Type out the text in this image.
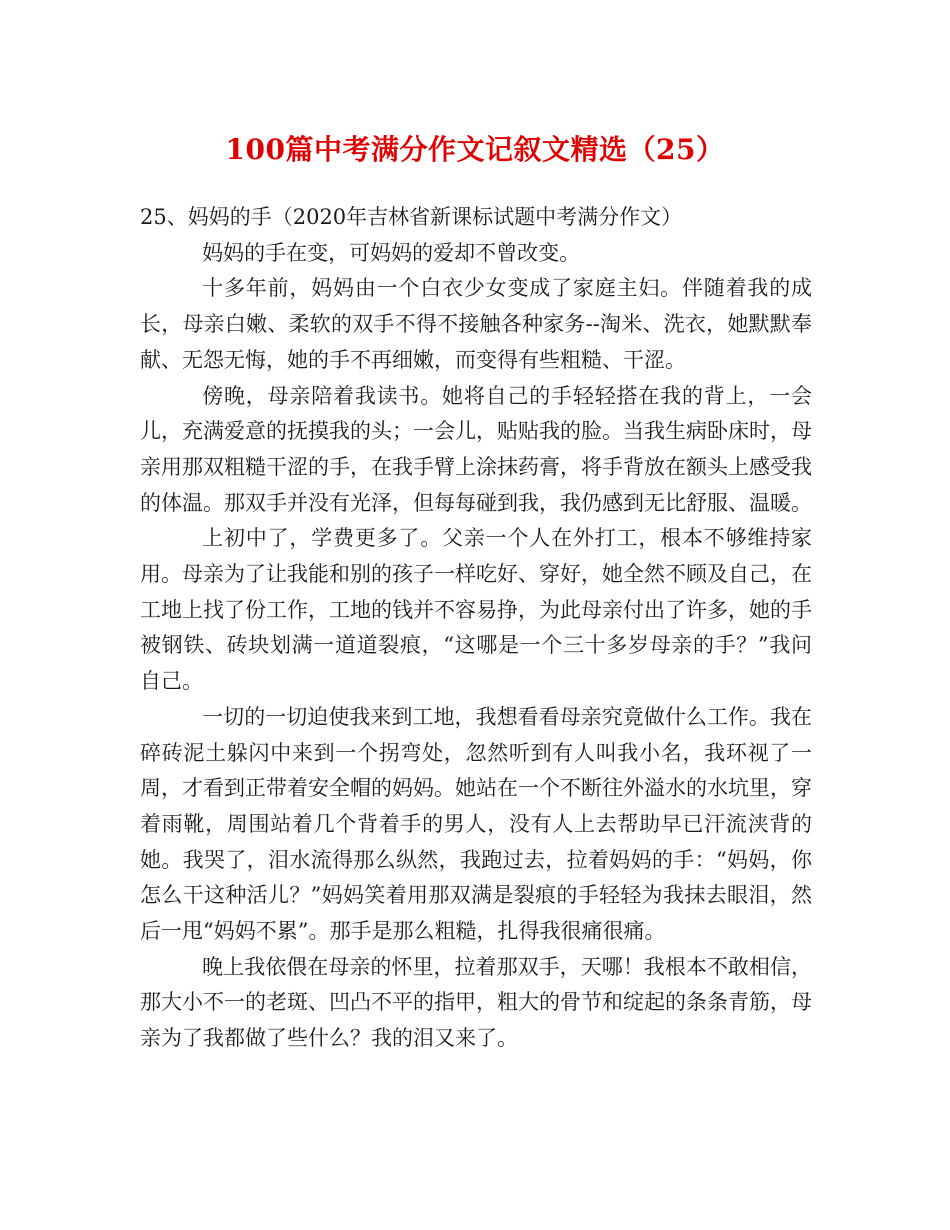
100篇中考满分作文记叙文精选（25）

25、妈妈的手（2020年吉林省新课标试题中考满分作文）

妈妈的手在变，可妈妈的爱却不曾改变。

十多年前，妈妈由一个白衣少女变成了家庭主妇。伴随着我的成长，母亲白嫩、柔软的双手不得不接触各种家务--淘米、洗衣，她默默奉献、无怨无悔，她的手不再细嫩，而变得有些粗糙、干涩。

傍晚，母亲陪着我读书。她将自己的手轻轻搭在我的背上，一会儿，充满爱意的抚摸我的头；一会儿，贴贴我的脸。当我生病卧床时，母亲用那双粗糙干涩的手，在我手臂上涂抹药膏，将手背放在额头上感受我的体温。那双手并没有光泽，但每每碰到我，我仍感到无比舒服、温暖。

上初中了，学费更多了。父亲一个人在外打工，根本不够维持家用。母亲为了让我能和别的孩子一样吃好、穿好，她全然不顾及自己，在工地上找了份工作，工地的钱并不容易挣，为此母亲付出了许多，她的手被钢铁、砖块划满一道道裂痕，“这哪是一个三十多岁母亲的手？”我问自己。

一切的一切迫使我来到工地，我想看看母亲究竟做什么工作。我在碎砖泥土躲闪中来到一个拐弯处，忽然听到有人叫我小名，我环视了一周，才看到正带着安全帽的妈妈。她站在一个不断往外溢水的水坑里，穿着雨靴，周围站着几个背着手的男人，没有人上去帮助早已汗流浃背的她。我哭了，泪水流得那么纵然，我跑过去，拉着妈妈的手：“妈妈，你怎么干这种活儿？”妈妈笑着用那双满是裂痕的手轻轻为我抹去眼泪，然后一甩“妈妈不累”。那手是那么粗糙，扎得我很痛很痛。

晚上我依偎在母亲的怀里，拉着那双手，天哪！我根本不敢相信，那大小不一的老斑、凹凸不平的指甲，粗大的骨节和绽起的条条青筋，母亲为了我都做了些什么？我的泪又来了。
